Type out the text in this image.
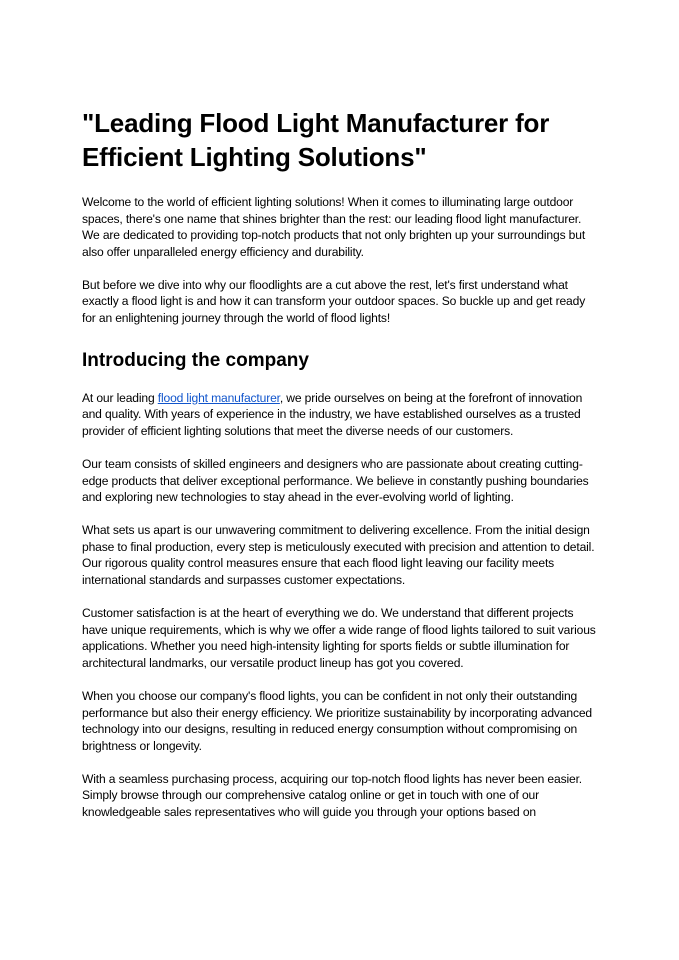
"Leading Flood Light Manufacturer for Efficient Lighting Solutions"

Welcome to the world of efficient lighting solutions! When it comes to illuminating large outdoor spaces, there's one name that shines brighter than the rest: our leading flood light manufacturer. We are dedicated to providing top-notch products that not only brighten up your surroundings but also offer unparalleled energy efficiency and durability.

But before we dive into why our floodlights are a cut above the rest, let's first understand what exactly a flood light is and how it can transform your outdoor spaces. So buckle up and get ready for an enlightening journey through the world of flood lights!

Introducing the company

At our leading flood light manufacturer, we pride ourselves on being at the forefront of innovation and quality. With years of experience in the industry, we have established ourselves as a trusted provider of efficient lighting solutions that meet the diverse needs of our customers.

Our team consists of skilled engineers and designers who are passionate about creating cutting-edge products that deliver exceptional performance. We believe in constantly pushing boundaries and exploring new technologies to stay ahead in the ever-evolving world of lighting.

What sets us apart is our unwavering commitment to delivering excellence. From the initial design phase to final production, every step is meticulously executed with precision and attention to detail. Our rigorous quality control measures ensure that each flood light leaving our facility meets international standards and surpasses customer expectations.

Customer satisfaction is at the heart of everything we do. We understand that different projects have unique requirements, which is why we offer a wide range of flood lights tailored to suit various applications. Whether you need high-intensity lighting for sports fields or subtle illumination for architectural landmarks, our versatile product lineup has got you covered.

When you choose our company's flood lights, you can be confident in not only their outstanding performance but also their energy efficiency. We prioritize sustainability by incorporating advanced technology into our designs, resulting in reduced energy consumption without compromising on brightness or longevity.

With a seamless purchasing process, acquiring our top-notch flood lights has never been easier. Simply browse through our comprehensive catalog online or get in touch with one of our knowledgeable sales representatives who will guide you through your options based on
